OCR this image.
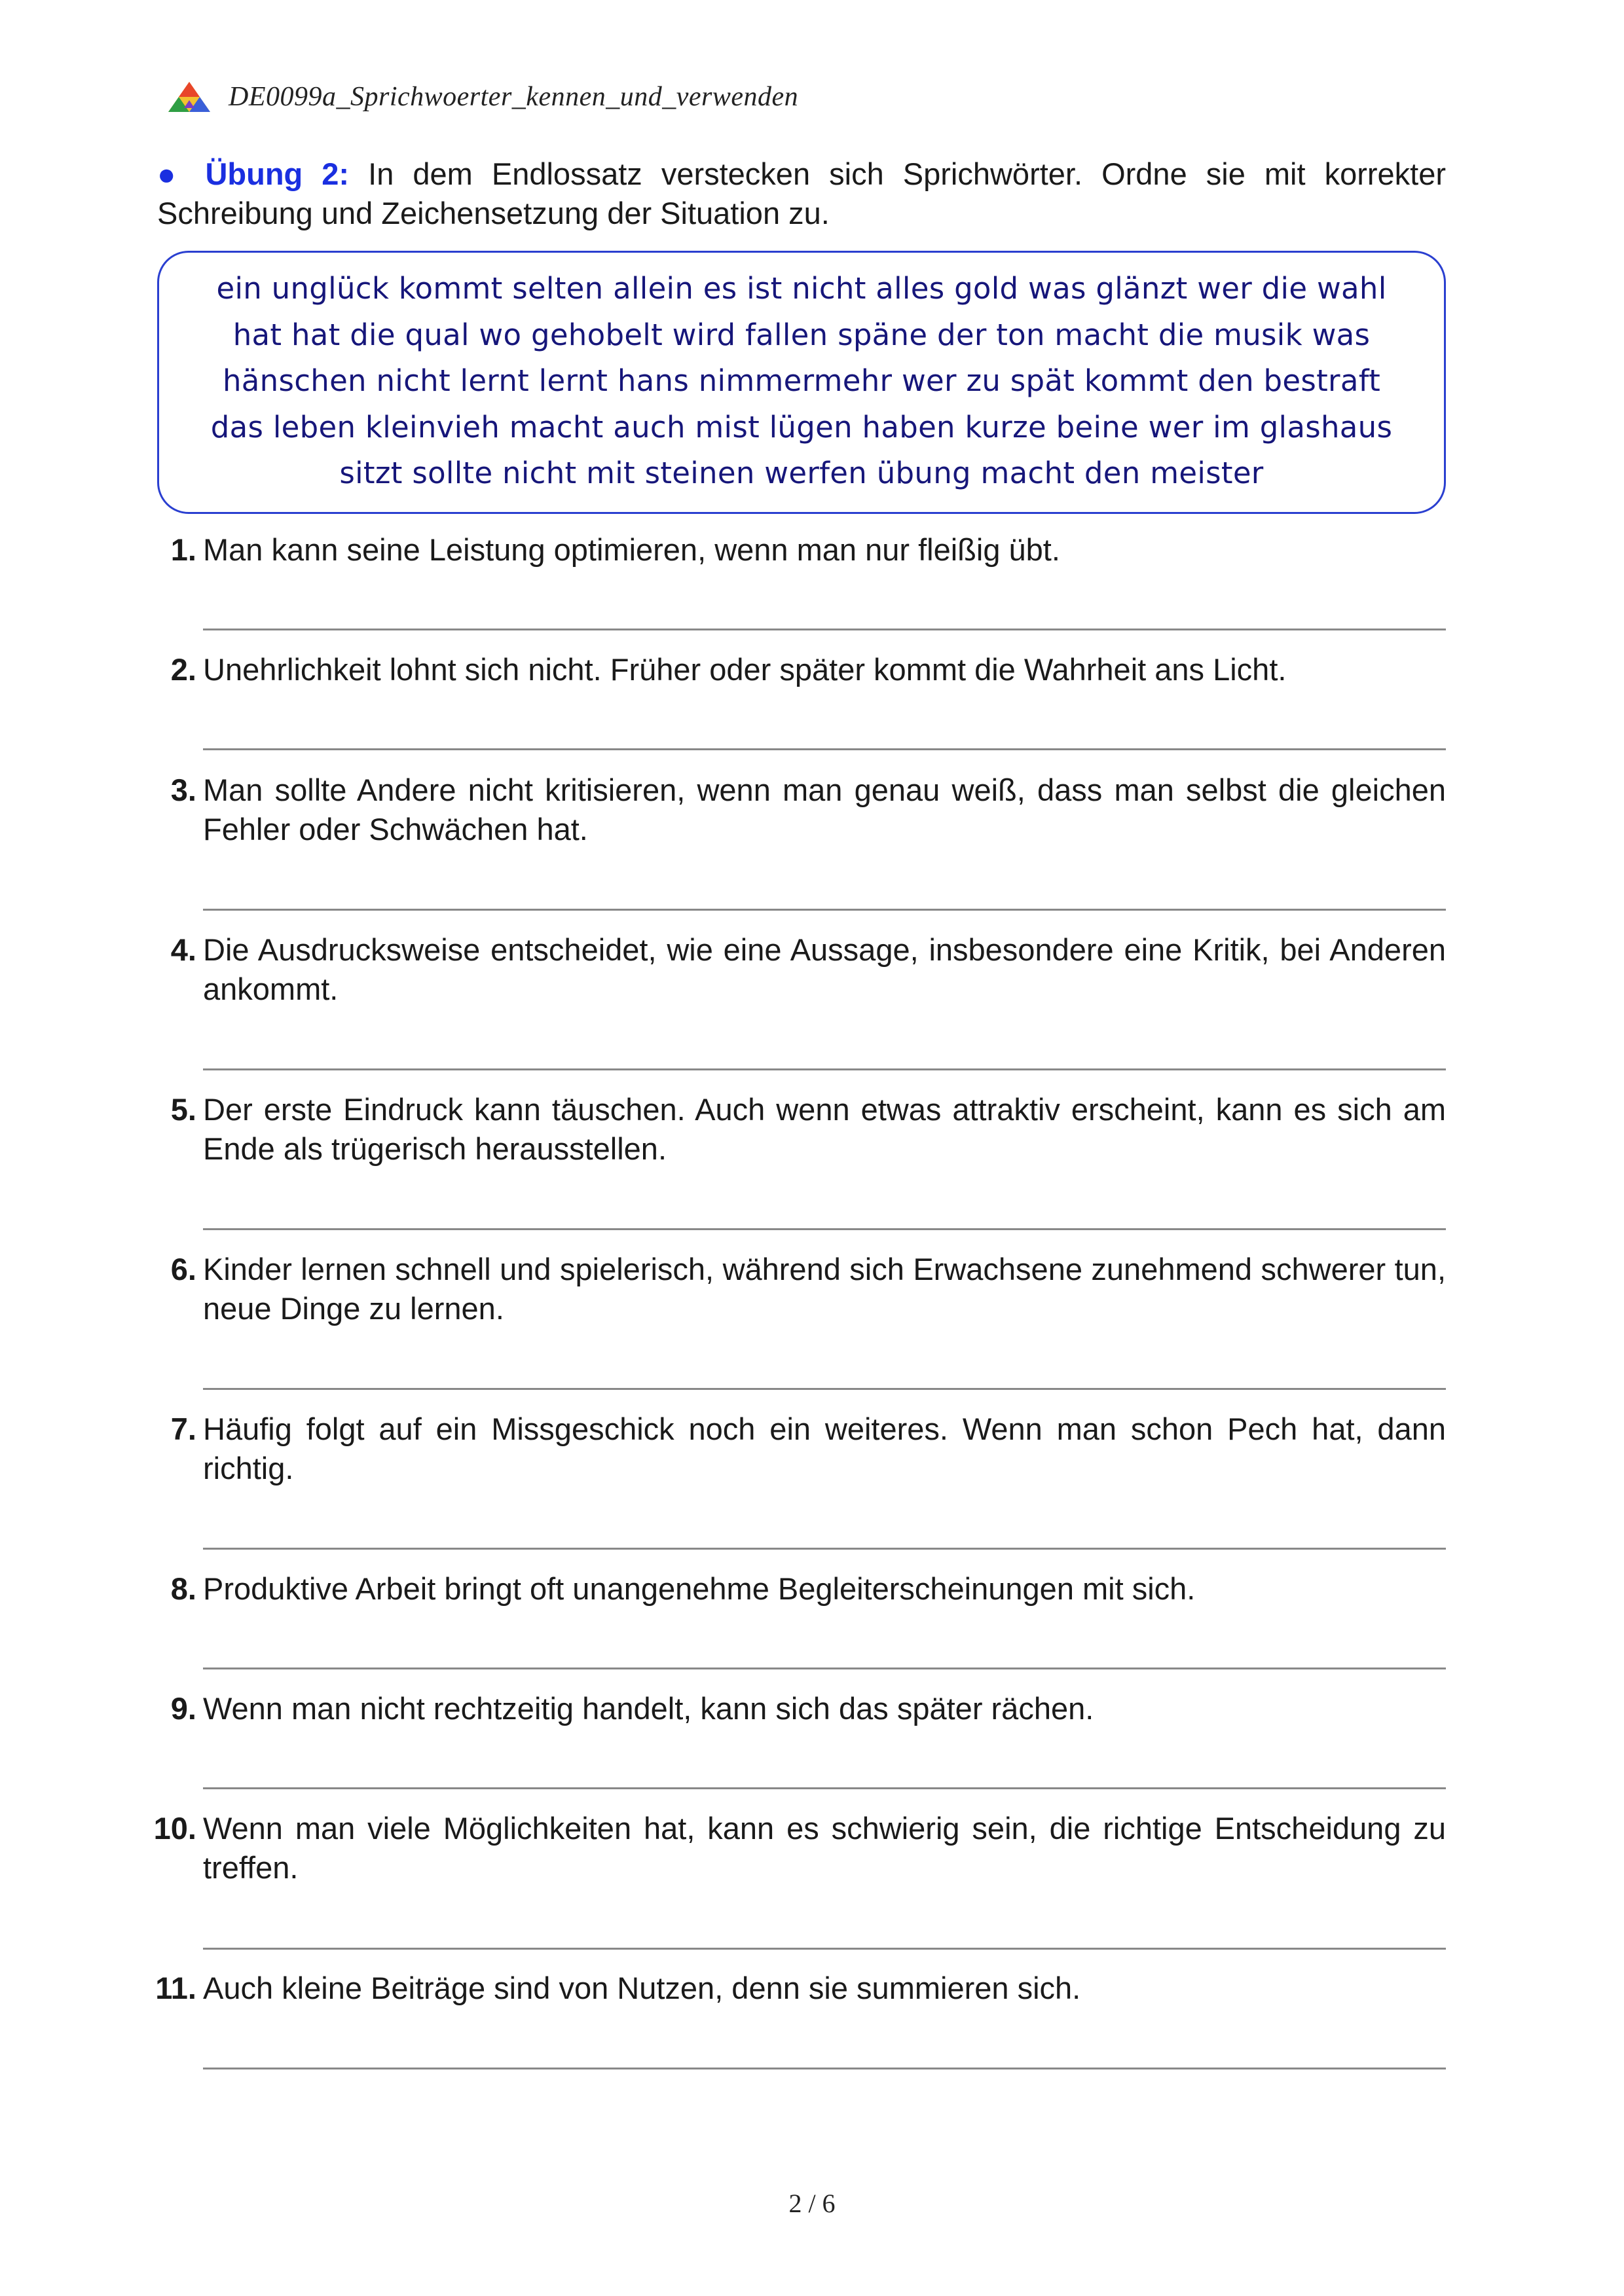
DE0099a_Sprichwoerter_kennen_und_verwenden
● Übung 2: In dem Endlossatz verstecken sich Sprichwörter. Ordne sie mit korrekter Schreibung und Zeichensetzung der Situation zu.
ein unglück kommt selten allein es ist nicht alles gold was glänzt wer die wahl hat hat die qual wo gehobelt wird fallen späne der ton macht die musik was hänschen nicht lernt lernt hans nimmermehr wer zu spät kommt den bestraft das leben kleinvieh macht auch mist lügen haben kurze beine wer im glashaus sitzt sollte nicht mit steinen werfen übung macht den meister
1. Man kann seine Leistung optimieren, wenn man nur fleißig übt.
2. Unehrlichkeit lohnt sich nicht. Früher oder später kommt die Wahrheit ans Licht.
3. Man sollte Andere nicht kritisieren, wenn man genau weiß, dass man selbst die gleichen Fehler oder Schwächen hat.
4. Die Ausdrucksweise entscheidet, wie eine Aussage, insbesondere eine Kritik, bei Anderen ankommt.
5. Der erste Eindruck kann täuschen. Auch wenn etwas attraktiv erscheint, kann es sich am Ende als trügerisch herausstellen.
6. Kinder lernen schnell und spielerisch, während sich Erwachsene zunehmend schwerer tun, neue Dinge zu lernen.
7. Häufig folgt auf ein Missgeschick noch ein weiteres. Wenn man schon Pech hat, dann richtig.
8. Produktive Arbeit bringt oft unangenehme Begleiterscheinungen mit sich.
9. Wenn man nicht rechtzeitig handelt, kann sich das später rächen.
10. Wenn man viele Möglichkeiten hat, kann es schwierig sein, die richtige Entscheidung zu treffen.
11. Auch kleine Beiträge sind von Nutzen, denn sie summieren sich.
2 / 6
